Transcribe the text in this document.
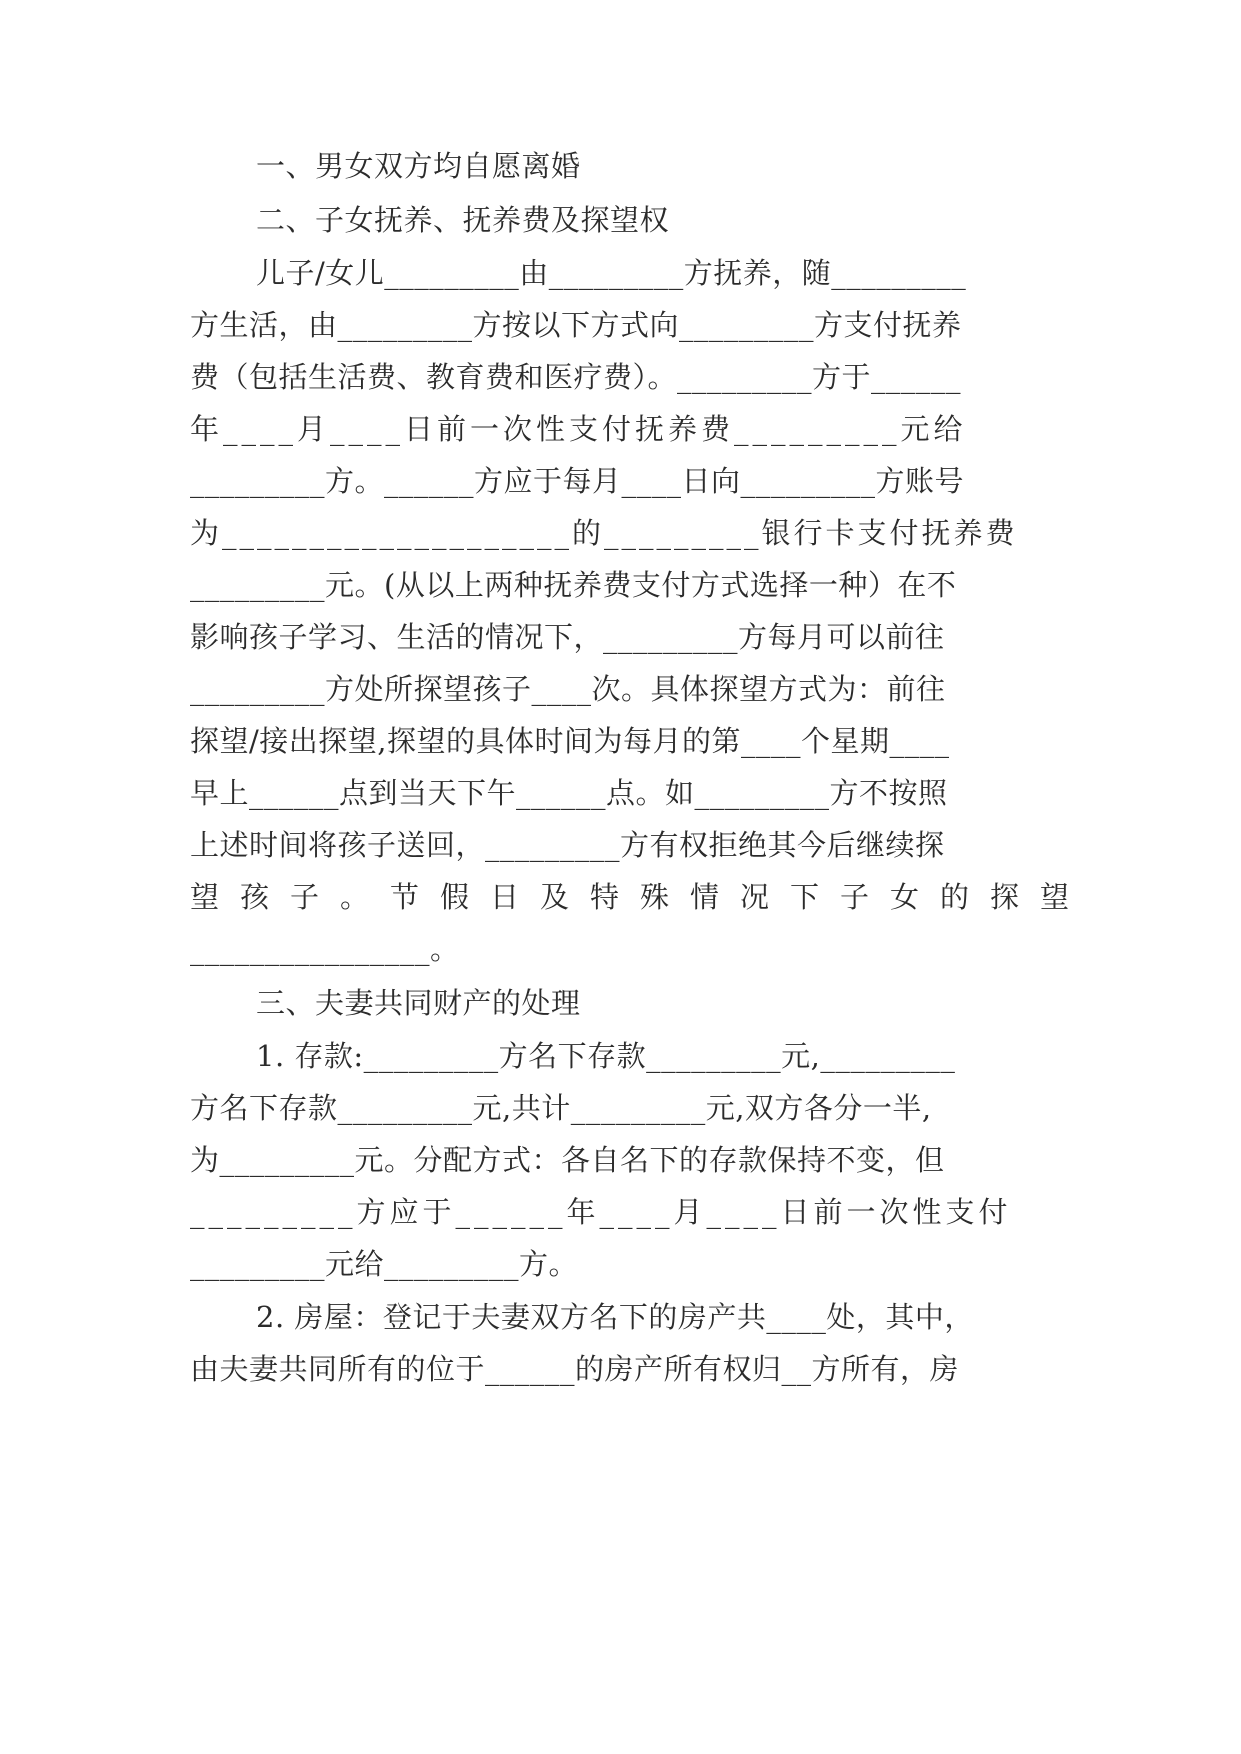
一、男女双方均自愿离婚
二、子女抚养、抚养费及探望权
儿子/女儿_________由_________方抚养，随_________
方生活，由_________方按以下方式向_________方支付抚养
费（包括生活费、教育费和医疗费）。_________方于______
年____月____日前一次性支付抚养费_________元给
_________方。______方应于每月____日向_________方账号
为____________________的_________银行卡支付抚养费
_________元。(从以上两种抚养费支付方式选择一种）在不
影响孩子学习、生活的情况下，_________方每月可以前往
_________方处所探望孩子____次。具体探望方式为：前往
探望/接出探望,探望的具体时间为每月的第____个星期____
早上______点到当天下午______点。如_________方不按照
上述时间将孩子送回，_________方有权拒绝其今后继续探
望孩子。节假日及特殊情况下子女的探望
________________。
三、夫妻共同财产的处理
1. 存款:_________方名下存款_________元,_________
方名下存款_________元,共计_________元,双方各分一半,
为_________元。分配方式：各自名下的存款保持不变，但
_________方应于______年____月____日前一次性支付
_________元给_________方。
2. 房屋：登记于夫妻双方名下的房产共____处，其中，
由夫妻共同所有的位于______的房产所有权归__方所有，房
